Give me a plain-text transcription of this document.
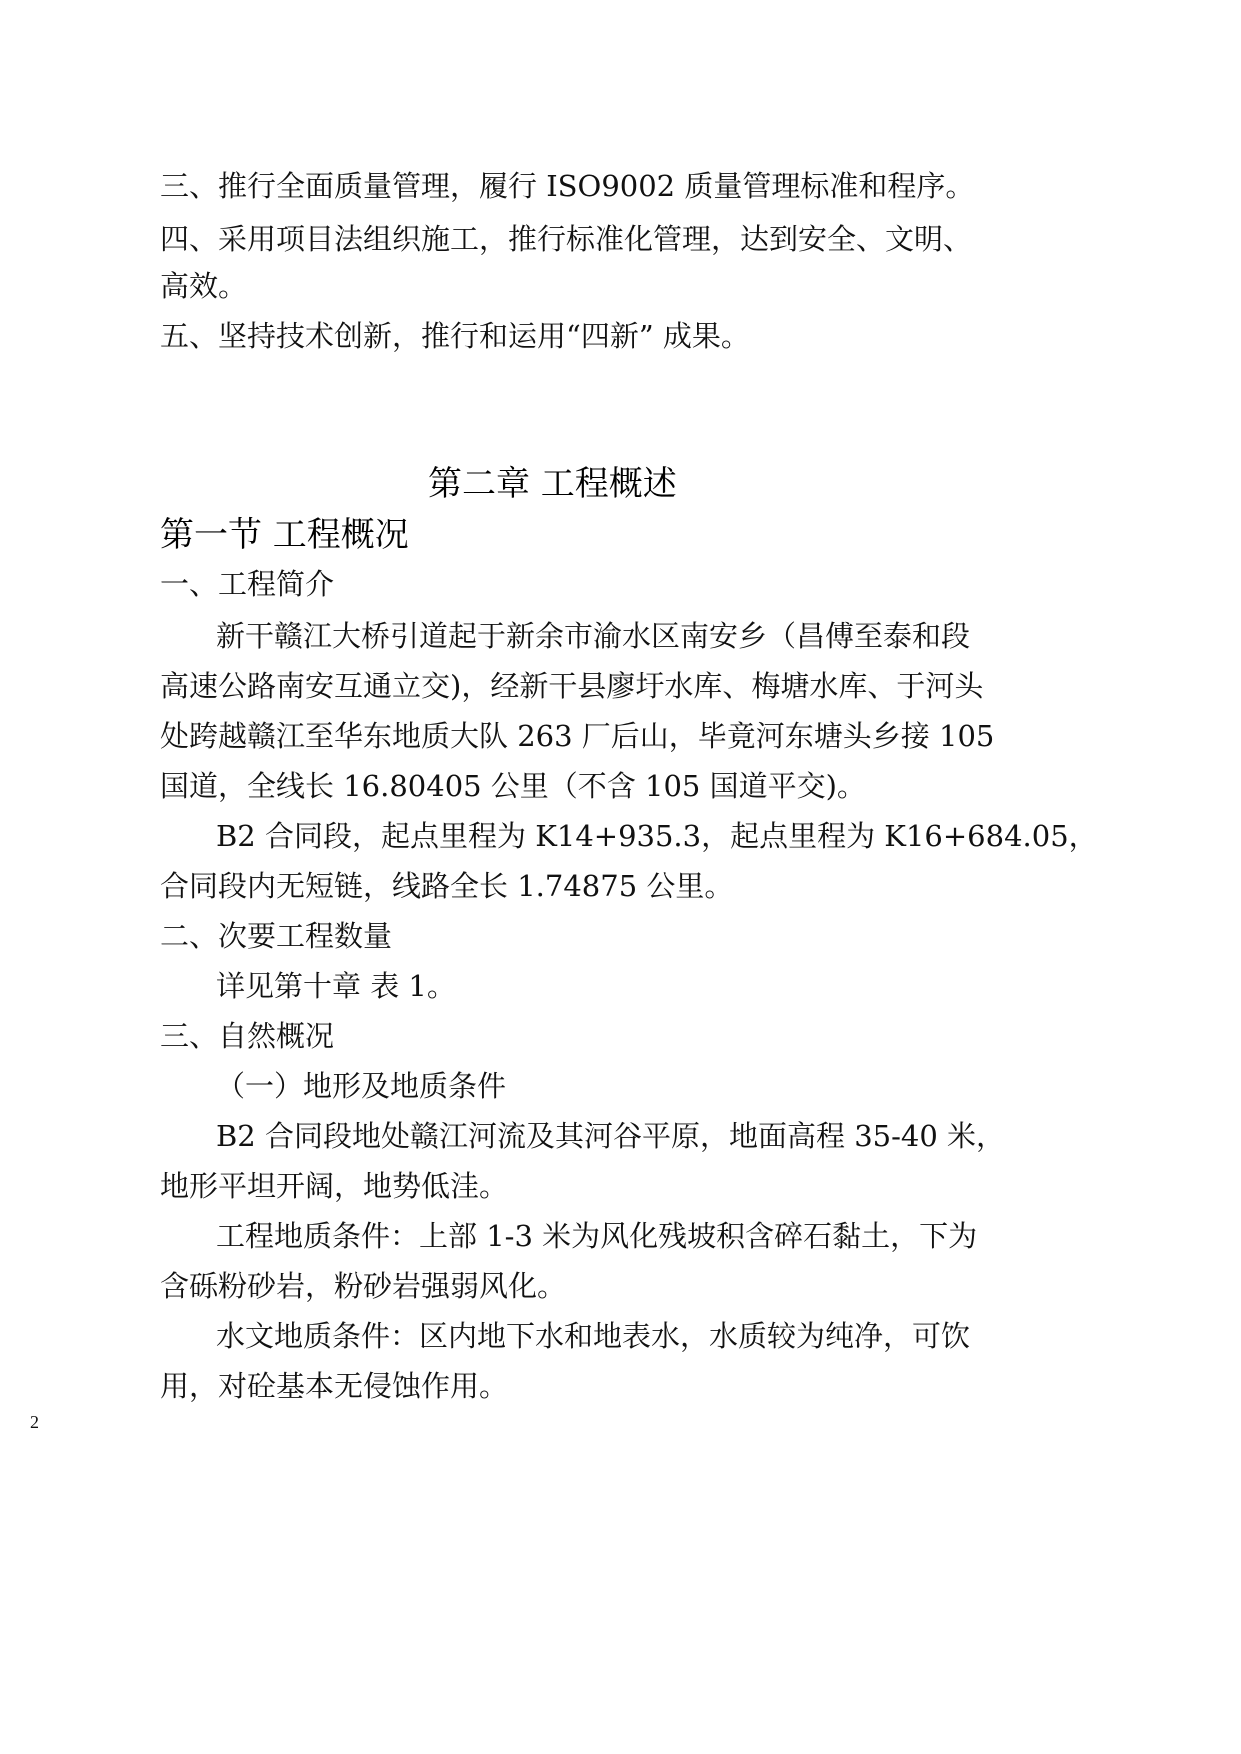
三、推行全面质量管理，履行 ISO9002 质量管理标准和程序。
四、采用项目法组织施工，推行标准化管理，达到安全、文明、
高效。
五、坚持技术创新，推行和运用“四新” 成果。
第二章 工程概述
第一节 工程概况
一、工程简介
新干赣江大桥引道起于新余市渝水区南安乡（昌傅至泰和段
高速公路南安互通立交)，经新干县廖圩水库、梅塘水库、于河头
处跨越赣江至华东地质大队 263 厂后山，毕竟河东塘头乡接 105
国道，全线长 16.80405 公里（不含 105 国道平交)。
B2 合同段，起点里程为 K14+935.3，起点里程为 K16+684.05，
合同段内无短链，线路全长 1.74875 公里。
二、次要工程数量
详见第十章 表 1。
三、自然概况
（一）地形及地质条件
B2 合同段地处赣江河流及其河谷平原，地面高程 35-40 米，
地形平坦开阔，地势低洼。
工程地质条件：上部 1-3 米为风化残坡积含碎石黏土，下为
含砾粉砂岩，粉砂岩强弱风化。
水文地质条件：区内地下水和地表水，水质较为纯净，可饮
用，对砼基本无侵蚀作用。
2
